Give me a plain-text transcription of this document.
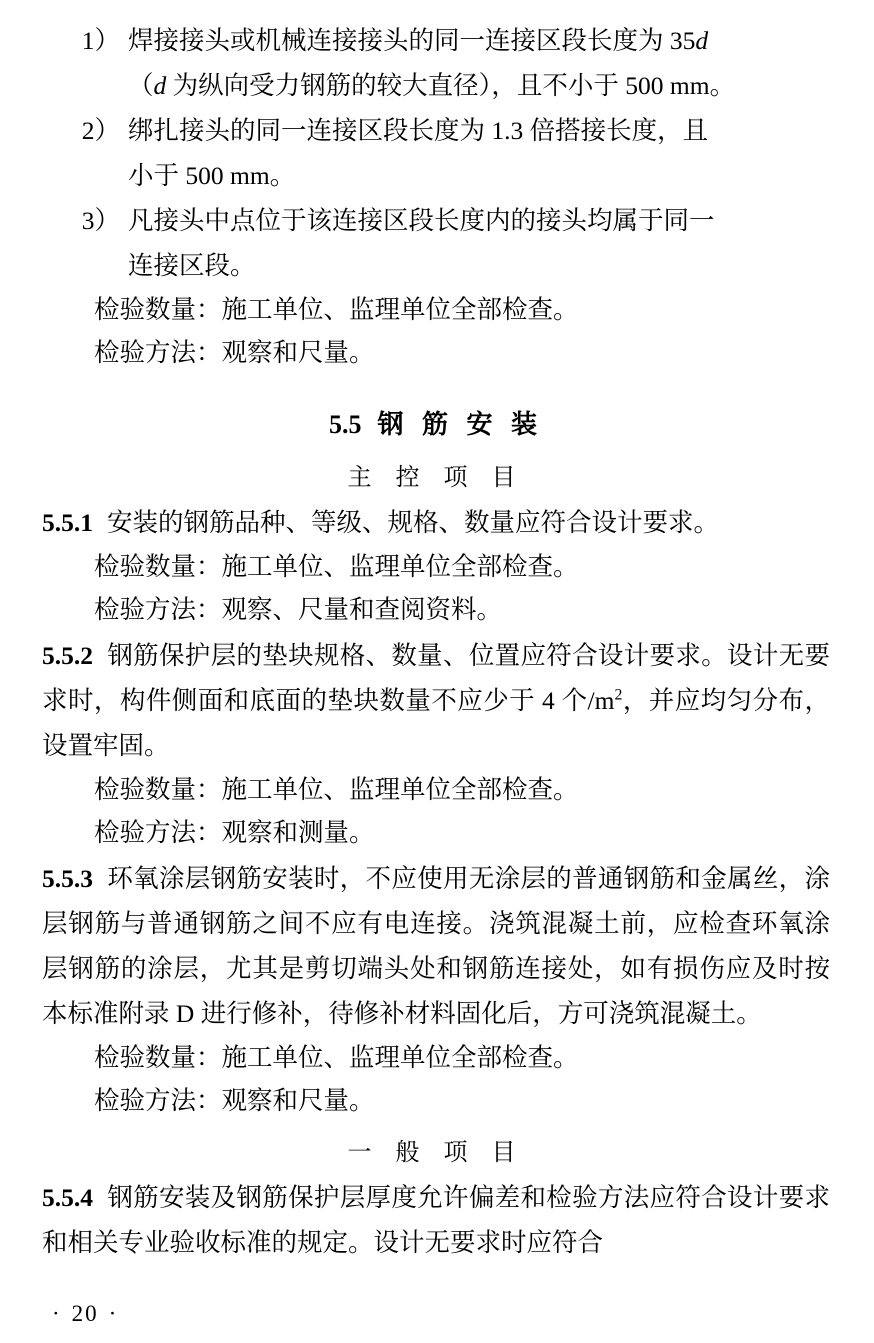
1） 焊接接头或机械连接接头的同一连接区段长度为 35d
（d 为纵向受力钢筋的较大直径），且不小于 500 mm。
2） 绑扎接头的同一连接区段长度为 1.3 倍搭接长度，且
小于 500 mm。
3） 凡接头中点位于该连接区段长度内的接头均属于同一
连接区段。
检验数量：施工单位、监理单位全部检查。
检验方法：观察和尺量。
5.5 钢 筋 安 装
主 控 项 目
5.5.1 安装的钢筋品种、等级、规格、数量应符合设计要求。
检验数量：施工单位、监理单位全部检查。
检验方法：观察、尺量和查阅资料。
5.5.2 钢筋保护层的垫块规格、数量、位置应符合设计要求。设计无要求时，构件侧面和底面的垫块数量不应少于 4 个$/m^2$，并应均匀分布，设置牢固。
检验数量：施工单位、监理单位全部检查。
检验方法：观察和测量。
5.5.3 环氧涂层钢筋安装时，不应使用无涂层的普通钢筋和金属丝，涂层钢筋与普通钢筋之间不应有电连接。浇筑混凝土前，应检查环氧涂层钢筋的涂层，尤其是剪切端头处和钢筋连接处，如有损伤应及时按本标准附录 D 进行修补，待修补材料固化后，方可浇筑混凝土。
检验数量：施工单位、监理单位全部检查。
检验方法：观察和尺量。
一 般 项 目
5.5.4 钢筋安装及钢筋保护层厚度允许偏差和检验方法应符合设计要求和相关专业验收标准的规定。设计无要求时应符合
· 20 ·
